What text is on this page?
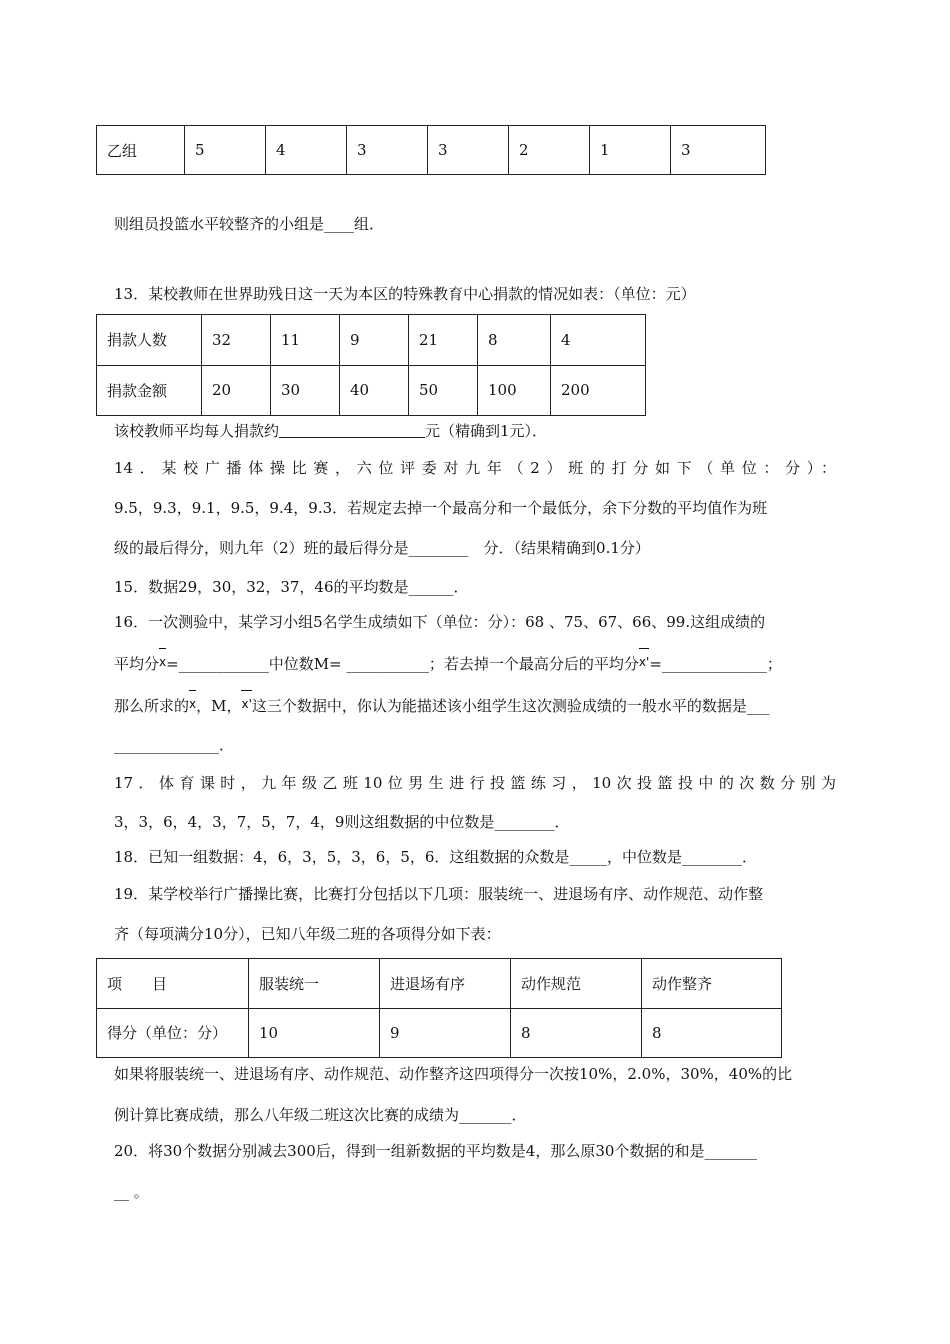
乙组	5	4	3	3	2	1	3
则组员投篮水平较整齐的小组是____组．
13．某校教师在世界助残日这一天为本区的特殊教育中心捐款的情况如表：（单位：元）
捐款人数	32	11	9	21	8	4
捐款金额	20	30	40	50	100	200
该校教师平均每人捐款约	元（精确到1元）．
14．某校广播体操比赛，六位评委对九年（2）班的打分如下（单位：分）：
9.5，9.3，9.1，9.5，9.4，9.3．若规定去掉一个最高分和一个最低分，余下分数的平均值作为班
级的最后得分，则九年（2）班的最后得分是________　分．（结果精确到0.1分）
15．数据29，30，32，37，46的平均数是______．
16．一次测验中，某学习小组5名学生成绩如下（单位：分）：68 、75、67、66、99.这组成绩的
平均分x=____________中位数M= ___________；若去掉一个最高分后的平均分x'=______________；
那么所求的x，M，x'这三个数据中，你认为能描述该小组学生这次测验成绩的一般水平的数据是___
______________．
17．体育课时，九年级乙班10位男生进行投篮练习，10次投篮投中的次数分别为
3，3，6，4，3，7，5，7，4，9则这组数据的中位数是________．
18．已知一组数据：4，6，3，5，3，6，5，6．这组数据的众数是_____，中位数是________．
19．某学校举行广播操比赛，比赛打分包括以下几项：服装统一、进退场有序、动作规范、动作整
齐（每项满分10分），已知八年级二班的各项得分如下表：
项　　目	服装统一	进退场有序	动作规范	动作整齐
得分（单位：分）	10	9	8	8
如果将服装统一、进退场有序、动作规范、动作整齐这四项得分一次按10%，2.0%，30%，40%的比
例计算比赛成绩，那么八年级二班这次比赛的成绩为_______．
20．将30个数据分别减去300后，得到一组新数据的平均数是4，那么原30个数据的和是_______
__ 。
